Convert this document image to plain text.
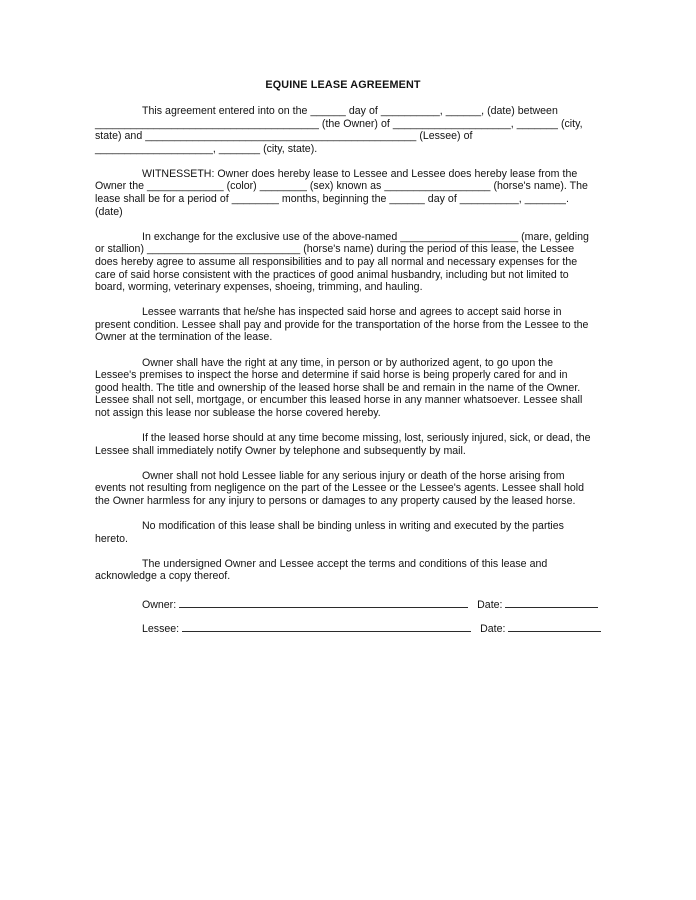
EQUINE LEASE AGREEMENT

This agreement entered into on the ______ day of __________, ______, (date) between ______________________________________ (the Owner) of ____________________, _______ (city, state) and ______________________________________________ (Lessee) of ____________________, _______ (city, state).

WITNESSETH: Owner does hereby lease to Lessee and Lessee does hereby lease from the Owner the _____________ (color) ________ (sex) known as __________________ (horse's name). The lease shall be for a period of ________ months, beginning the ______ day of __________, _______. (date)

In exchange for the exclusive use of the above-named ____________________ (mare, gelding or stallion) __________________________ (horse's name) during the period of this lease, the Lessee does hereby agree to assume all responsibilities and to pay all normal and necessary expenses for the care of said horse consistent with the practices of good animal husbandry, including but not limited to board, worming, veterinary expenses, shoeing, trimming, and hauling.

Lessee warrants that he/she has inspected said horse and agrees to accept said horse in present condition. Lessee shall pay and provide for the transportation of the horse from the Lessee to the Owner at the termination of the lease.

Owner shall have the right at any time, in person or by authorized agent, to go upon the Lessee's premises to inspect the horse and determine if said horse is being properly cared for and in good health. The title and ownership of the leased horse shall be and remain in the name of the Owner. Lessee shall not sell, mortgage, or encumber this leased horse in any manner whatsoever. Lessee shall not assign this lease nor sublease the horse covered hereby.

If the leased horse should at any time become missing, lost, seriously injured, sick, or dead, the Lessee shall immediately notify Owner by telephone and subsequently by mail.

Owner shall not hold Lessee liable for any serious injury or death of the horse arising from events not resulting from negligence on the part of the Lessee or the Lessee's agents. Lessee shall hold the Owner harmless for any injury to persons or damages to any property caused by the leased horse.

No modification of this lease shall be binding unless in writing and executed by the parties hereto.

The undersigned Owner and Lessee accept the terms and conditions of this lease and acknowledge a copy thereof.

Owner:	Date:
Lessee:	Date:
